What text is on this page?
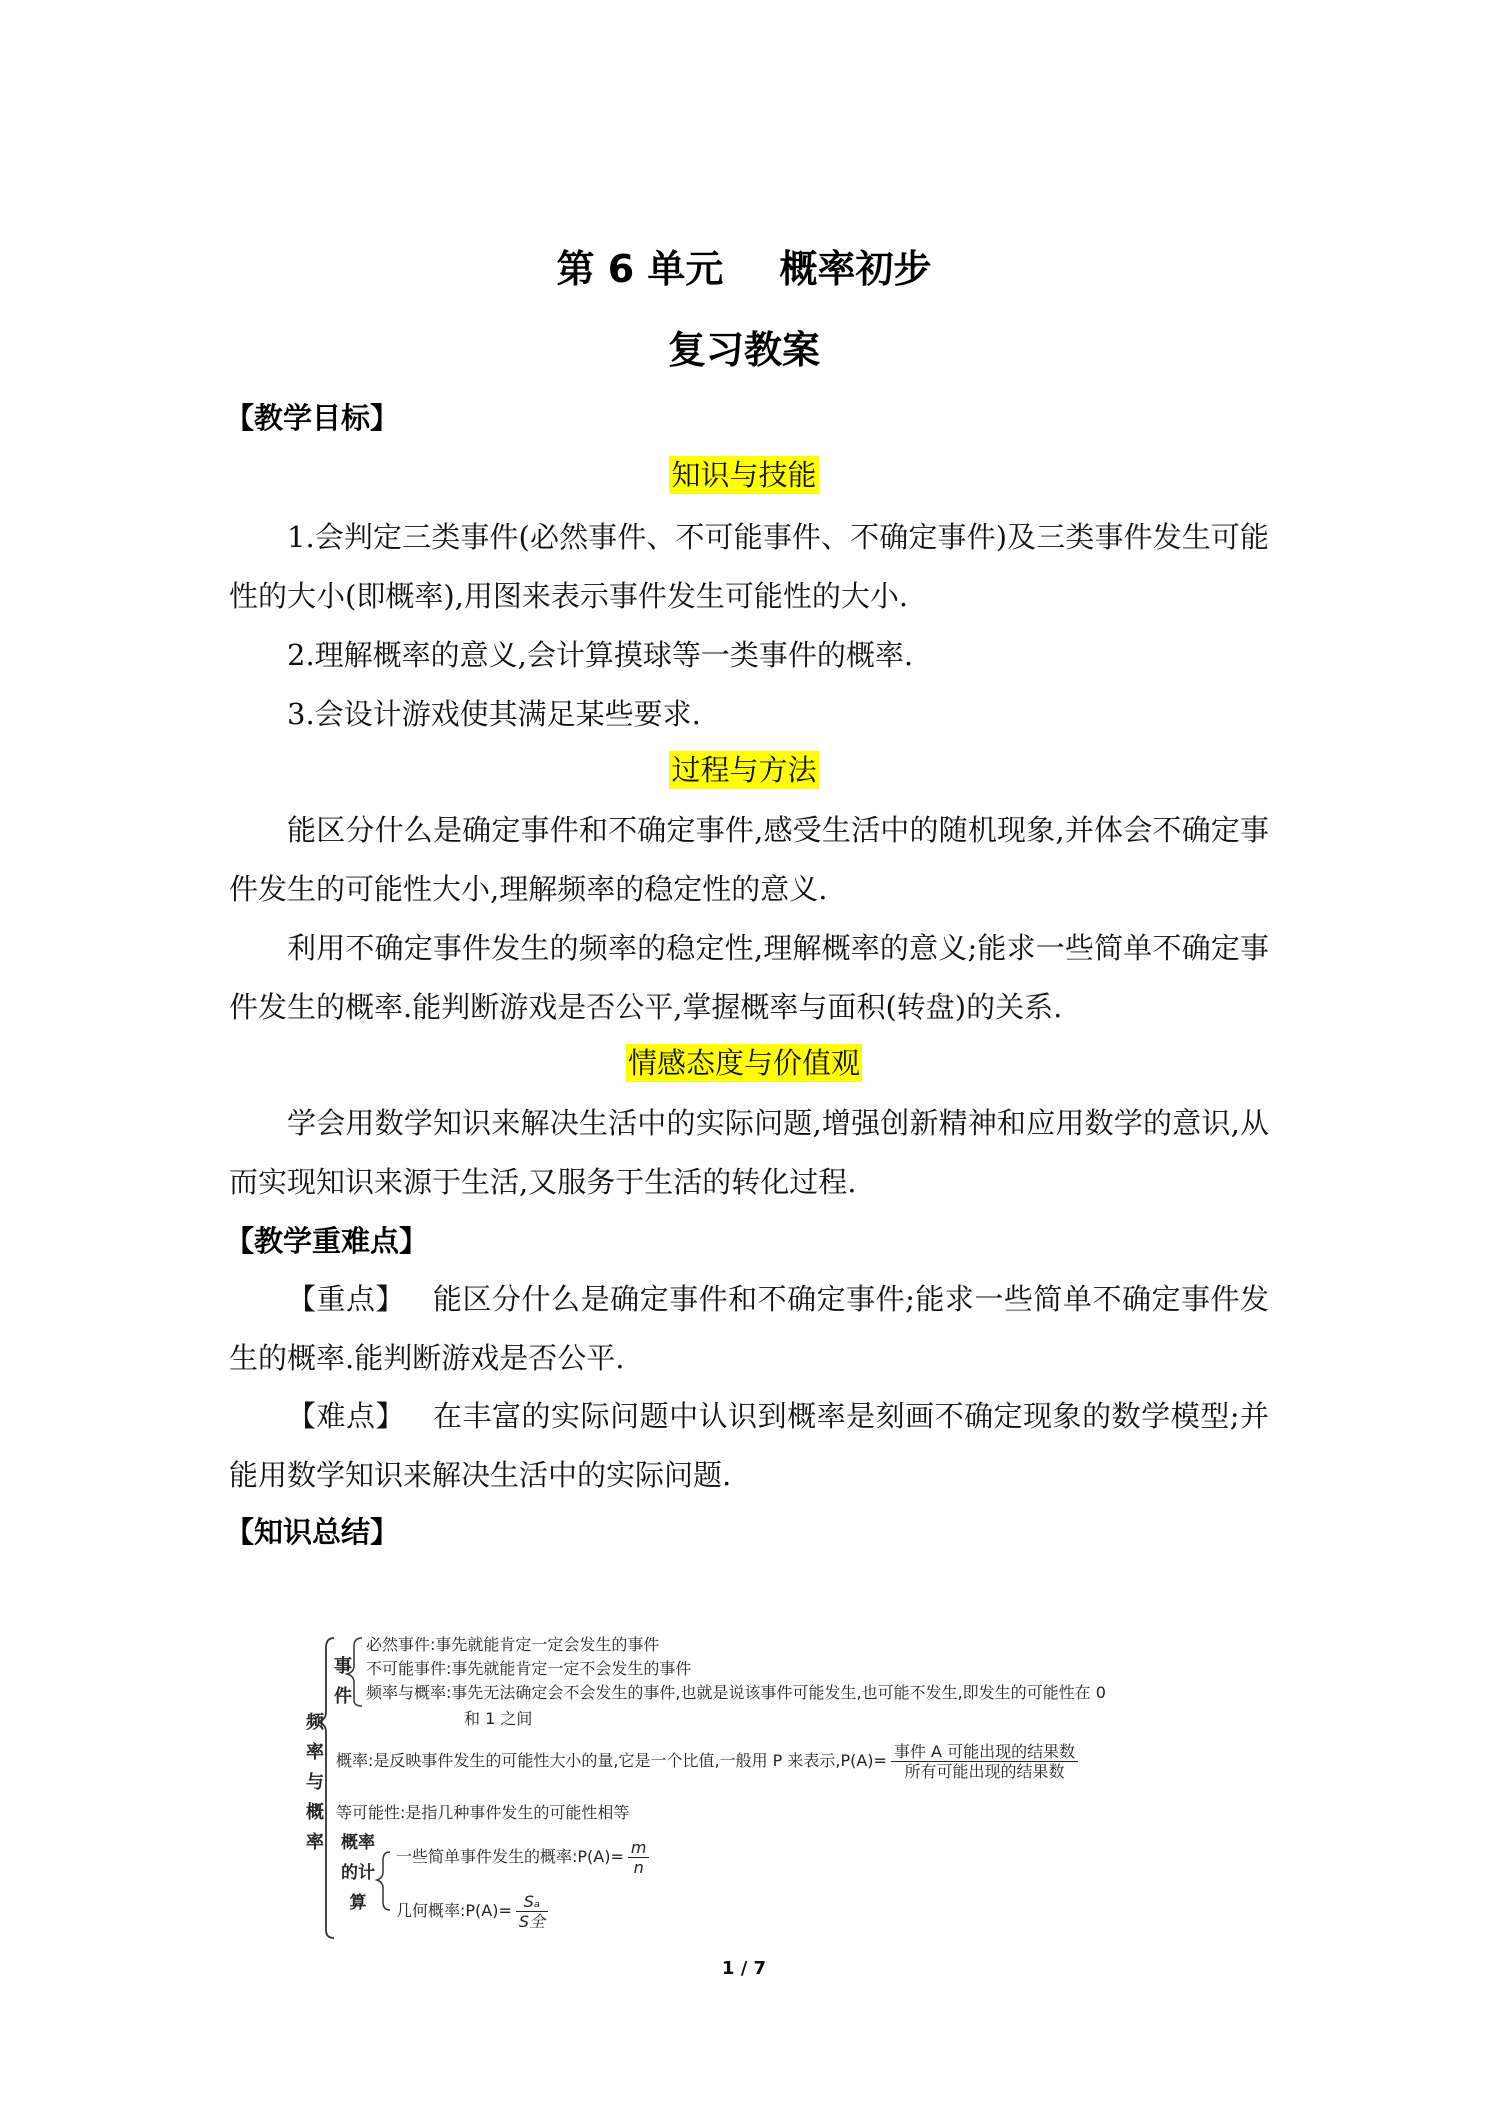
第 6 单元 概率初步
复习教案
【教学目标】
知识与技能
1.会判定三类事件(必然事件、不可能事件、不确定事件)及三类事件发生可能性的大小(即概率),用图来表示事件发生可能性的大小.
2.理解概率的意义,会计算摸球等一类事件的概率.
3.会设计游戏使其满足某些要求.
过程与方法
能区分什么是确定事件和不确定事件,感受生活中的随机现象,并体会不确定事件发生的可能性大小,理解频率的稳定性的意义.
利用不确定事件发生的频率的稳定性,理解概率的意义;能求一些简单不确定事件发生的概率.能判断游戏是否公平,掌握概率与面积(转盘)的关系.
情感态度与价值观
学会用数学知识来解决生活中的实际问题,增强创新精神和应用数学的意识,从而实现知识来源于生活,又服务于生活的转化过程.
【教学重难点】
【重点】 能区分什么是确定事件和不确定事件;能求一些简单不确定事件发生的概率.能判断游戏是否公平.
【难点】 在丰富的实际问题中认识到概率是刻画不确定现象的数学模型;并能用数学知识来解决生活中的实际问题.
【知识总结】
频
率
与
概
率
事
件
必然事件:事先就能肯定一定会发生的事件
不可能事件:事先就能肯定一定不会发生的事件
频率与概率:事先无法确定会不会发生的事件,也就是说该事件可能发生,也可能不发生,即发生的可能性在 0
和 1 之间
概率:是反映事件发生的可能性大小的量,它是一个比值,一般用 P 来表示$,P(A)= \frac{\text{事件 A 可能出现的结果数}}{\text{所有可能出现的结果数}}$
等可能性:是指几种事件发生的可能性相等
概率
的计
算
一些简单事件发生的概率:P(A)= $\frac{m}{n}$
几何概率:P(A)= $\frac{\text{Sₐ}}{\text{S全}}$
1 / 7
